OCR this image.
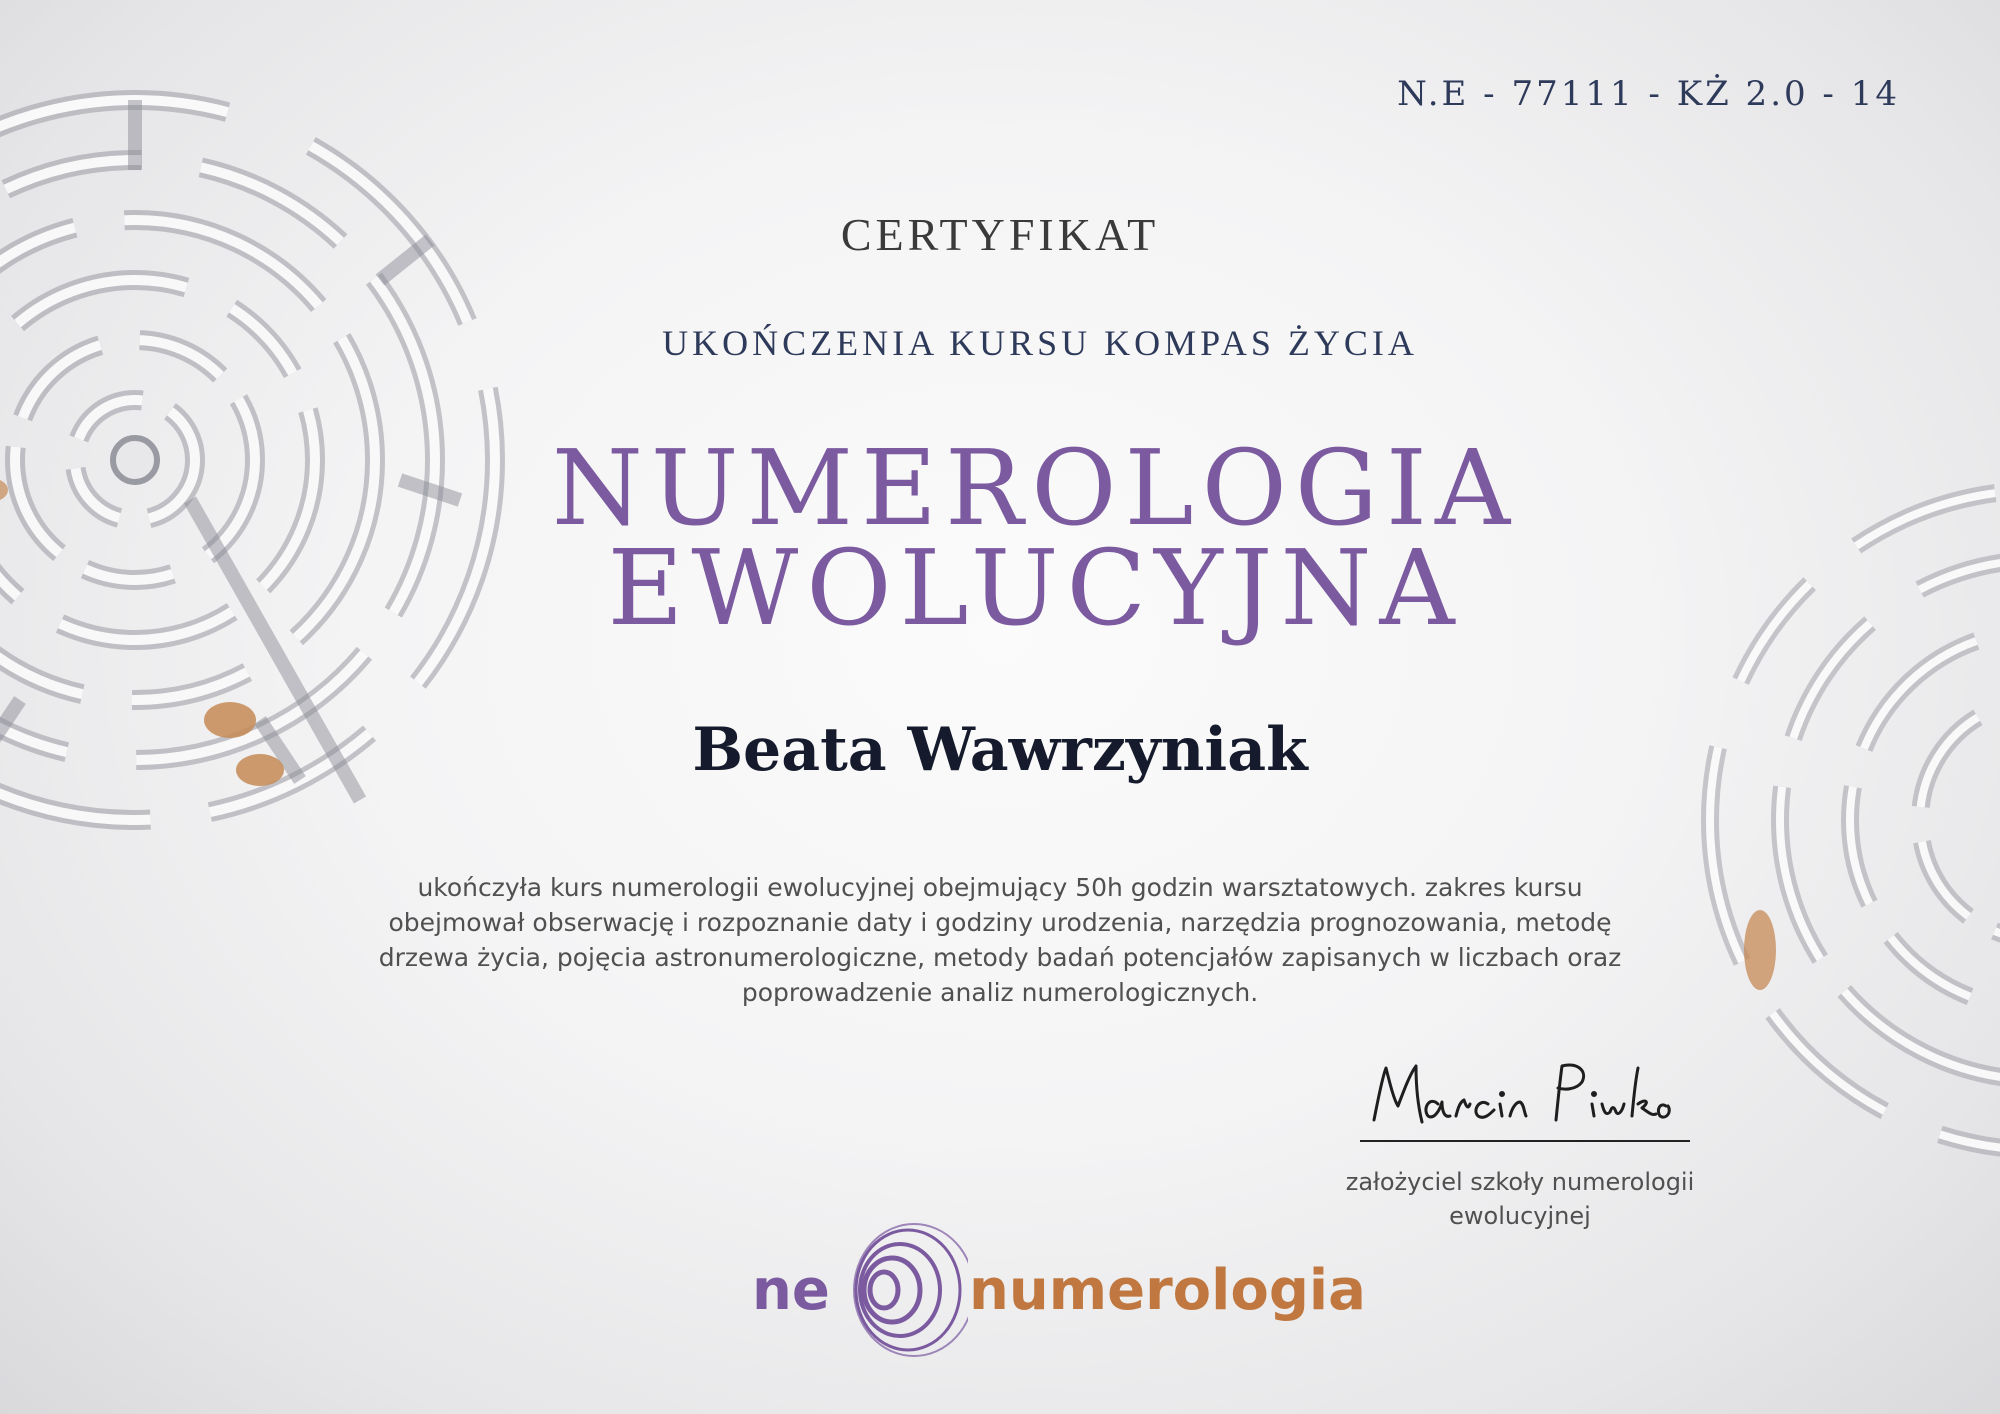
N.E - 77111 - KŻ 2.0 - 14
CERTYFIKAT
UKOŃCZENIA KURSU KOMPAS ŻYCIA
NUMEROLOGIA
EWOLUCYJNA
Beata Wawrzyniak
ukończyła kurs numerologii ewolucyjnej obejmujący 50h godzin warsztatowych. zakres kursu obejmował obserwację i rozpoznanie daty i godziny urodzenia, narzędzia prognozowania, metodę drzewa życia, pojęcia astronumerologiczne, metody badań potencjałów zapisanych w liczbach oraz poprowadzenie analiz numerologicznych.
założyciel szkoły numerologii ewolucyjnej
ne numerologia
